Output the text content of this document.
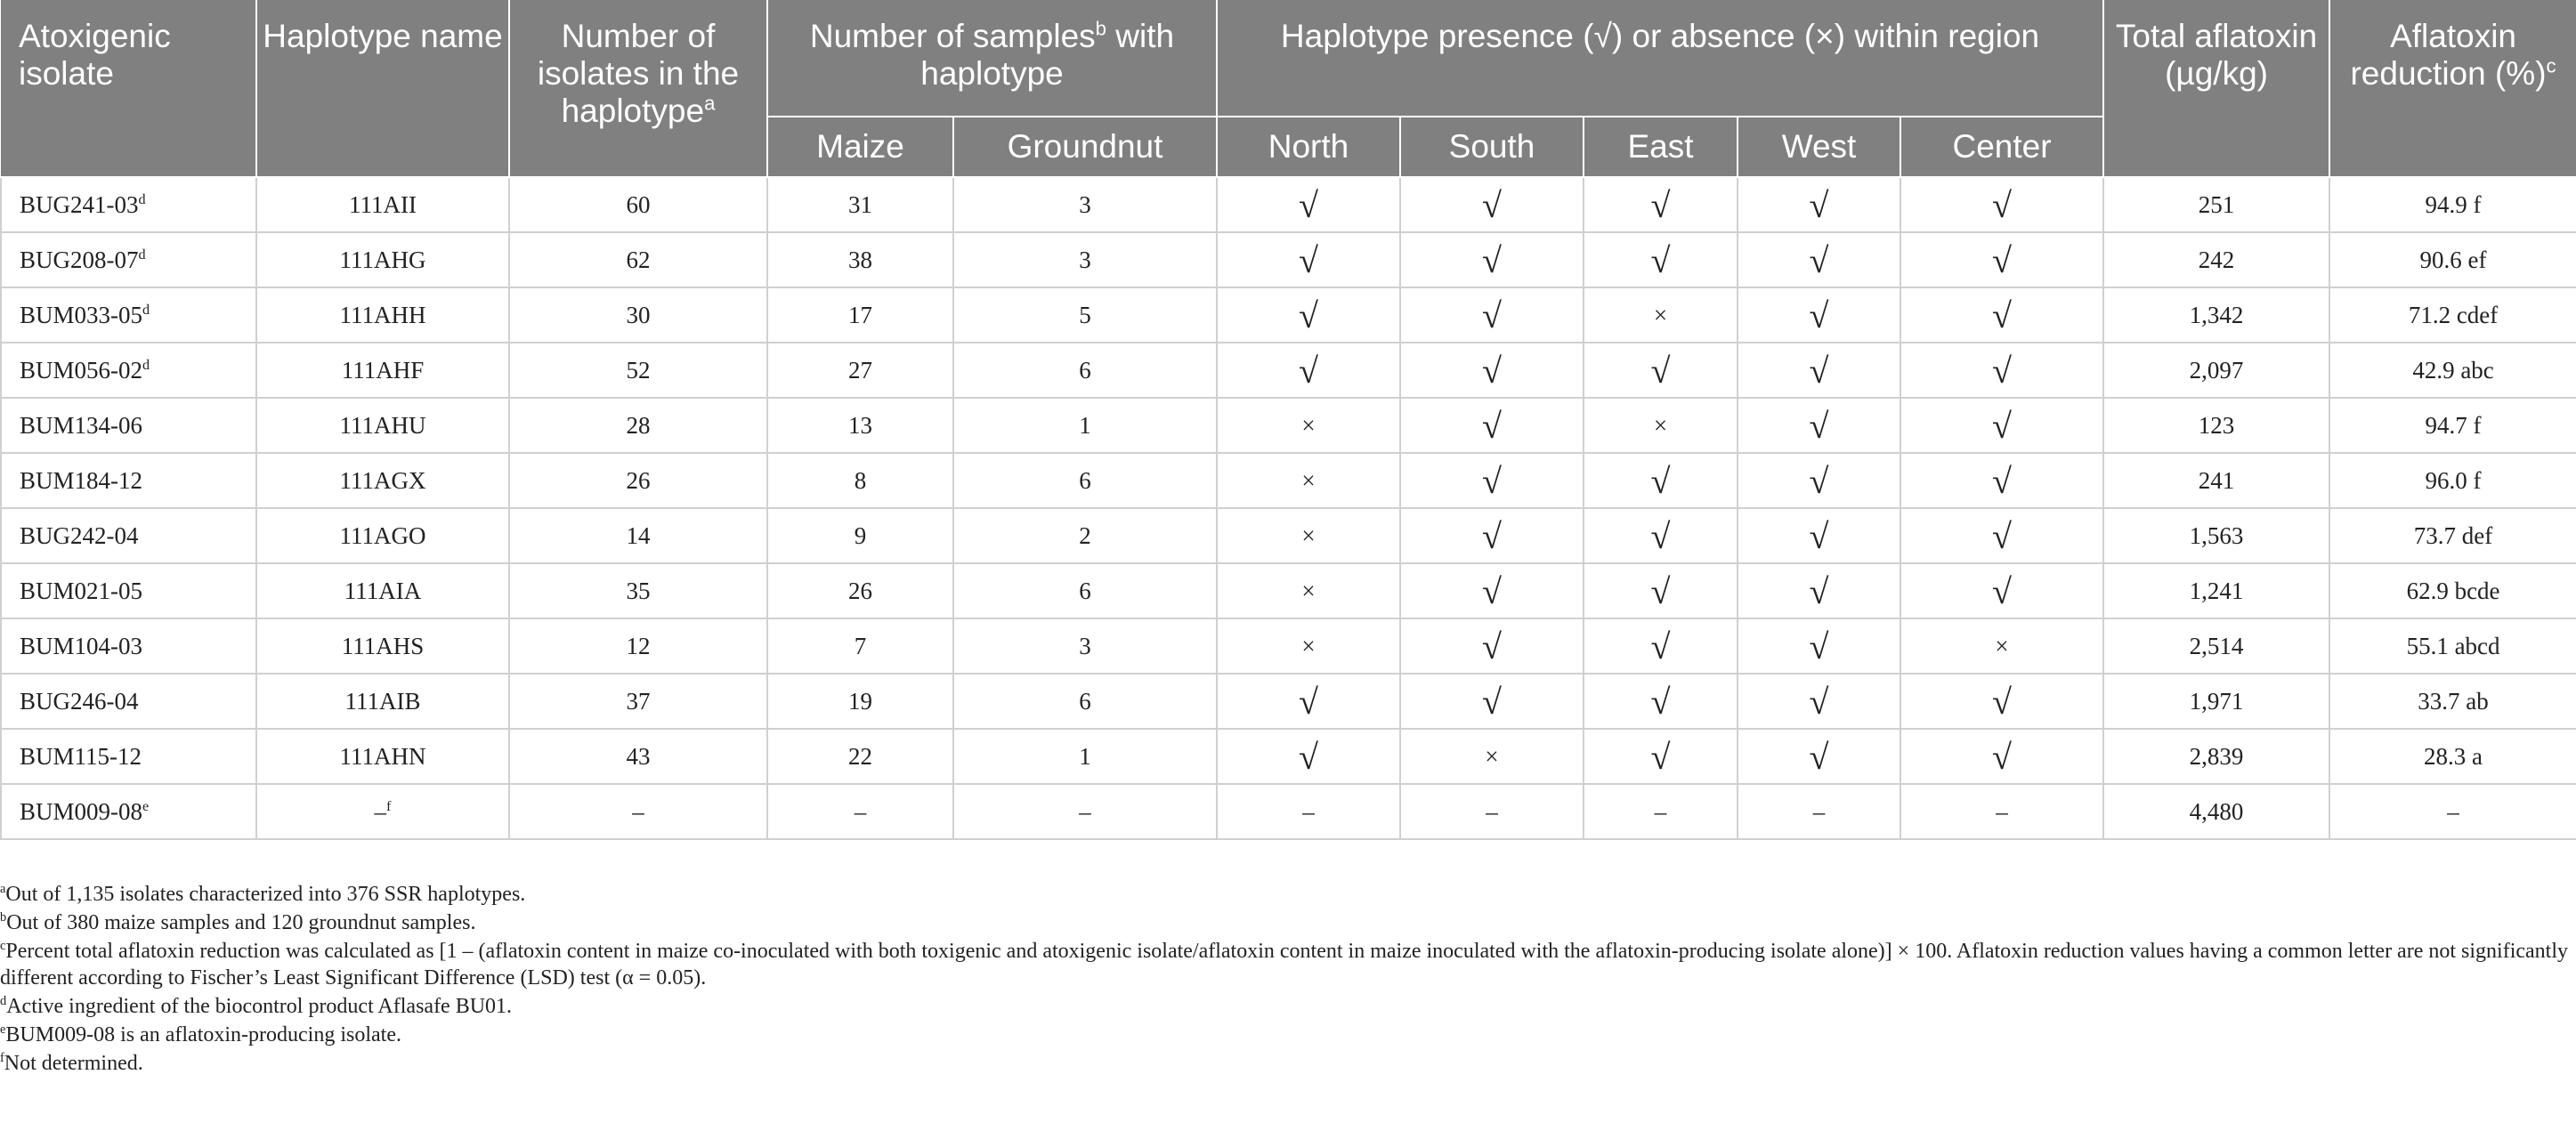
Atoxigenic isolate	Haplotype name	Number of isolates in the haplotype$^a$	Number of samples$^b$ with haplotype		Haplotype presence (√) or absence (×) within region					Total aflatoxin (µg/kg)	Aflatoxin reduction (%)$^c$
			Maize	Groundnut	North	South	East	West	Center		
BUG241-03$^d$	111AII	60	31	3	√	√	√	√	√	251	94.9 f
BUG208-07$^d$	111AHG	62	38	3	√	√	√	√	√	242	90.6 ef
BUM033-05$^d$	111AHH	30	17	5	√	√	×	√	√	1,342	71.2 cdef
BUM056-02$^d$	111AHF	52	27	6	√	√	√	√	√	2,097	42.9 abc
BUM134-06	111AHU	28	13	1	×	√	×	√	√	123	94.7 f
BUM184-12	111AGX	26	8	6	×	√	√	√	√	241	96.0 f
BUG242-04	111AGO	14	9	2	×	√	√	√	√	1,563	73.7 def
BUM021-05	111AIA	35	26	6	×	√	√	√	√	1,241	62.9 bcde
BUM104-03	111AHS	12	7	3	×	√	√	√	×	2,514	55.1 abcd
BUG246-04	111AIB	37	19	6	√	√	√	√	√	1,971	33.7 ab
BUM115-12	111AHN	43	22	1	√	×	√	√	√	2,839	28.3 a
BUM009-08e	–$^f$	–	–	–	–	–	–	–	–	4,480	–
$^a$Out of 1,135 isolates characterized into 376 SSR haplotypes.
$^b$Out of 380 maize samples and 120 groundnut samples.
$^c$Percent total aflatoxin reduction was calculated as [1 – (aflatoxin content in maize co-inoculated with both toxigenic and atoxigenic isolate/aflatoxin content in maize inoculated with the aflatoxin-producing isolate alone)] × 100. Aflatoxin reduction values having a common letter are not significantly different according to Fischer’s Least Significant Difference (LSD) test (α = 0.05).
$^d$Active ingredient of the biocontrol product Aflasafe BU01.
$^e$BUM009-08 is an aflatoxin-producing isolate.
$^f$Not determined.
